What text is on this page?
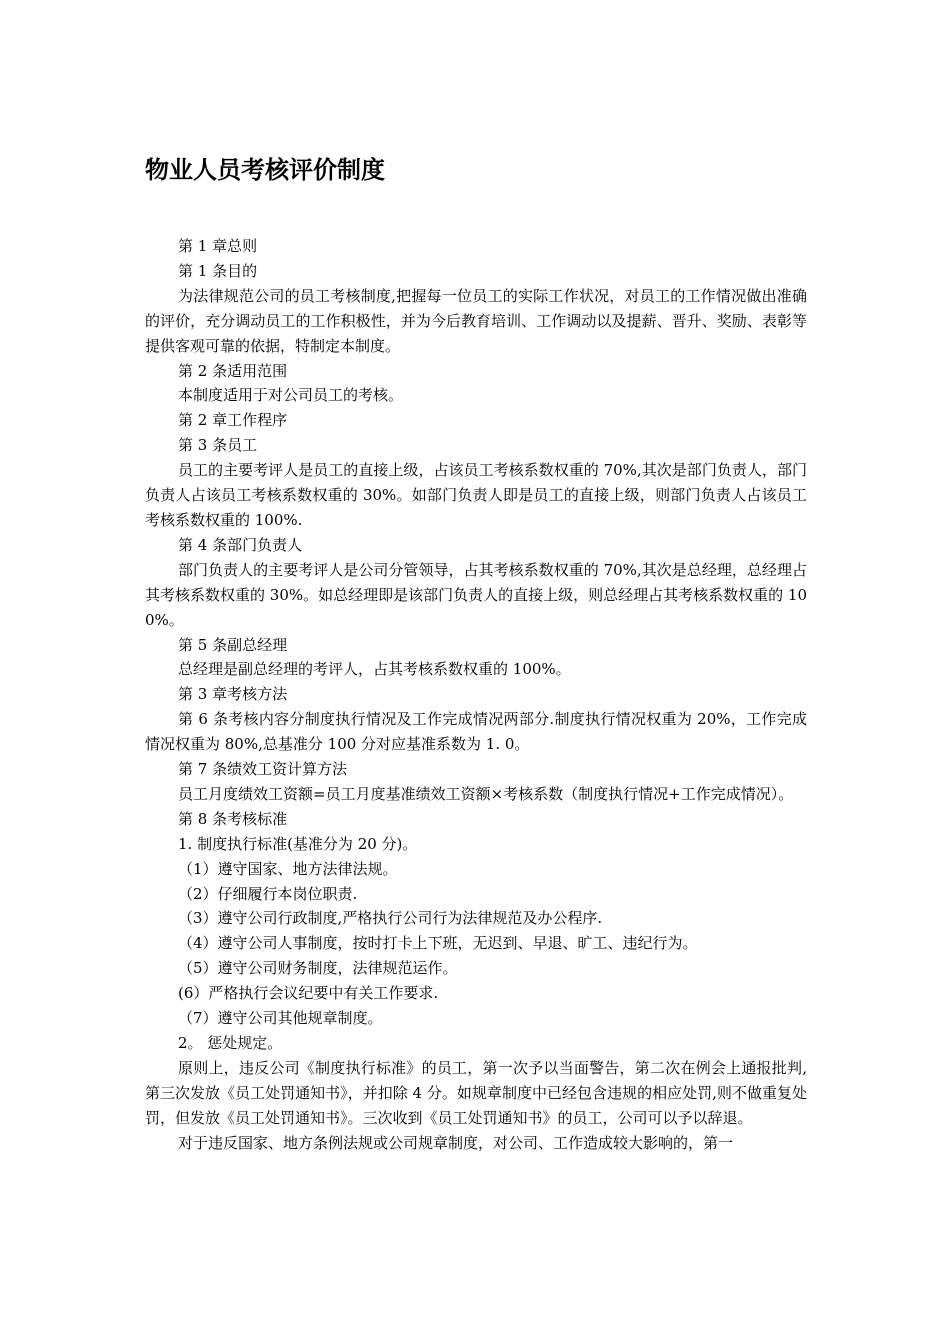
物业人员考核评价制度

第 1 章总则

第 1 条目的

为法律规范公司的员工考核制度,把握每一位员工的实际工作状况，对员工的工作情况做出准确的评价，充分调动员工的工作积极性，并为今后教育培训、工作调动以及提薪、晋升、奖励、表彰等提供客观可靠的依据，特制定本制度。

第 2 条适用范围

本制度适用于对公司员工的考核。

第 2 章工作程序

第 3 条员工

员工的主要考评人是员工的直接上级，占该员工考核系数权重的 70%,其次是部门负责人，部门负责人占该员工考核系数权重的 30%。如部门负责人即是员工的直接上级，则部门负责人占该员工考核系数权重的 100%.

第 4 条部门负责人

部门负责人的主要考评人是公司分管领导，占其考核系数权重的 70%,其次是总经理，总经理占其考核系数权重的 30%。如总经理即是该部门负责人的直接上级，则总经理占其考核系数权重的 100%。

第 5 条副总经理

总经理是副总经理的考评人，占其考核系数权重的 100%。

第 3 章考核方法

第 6 条考核内容分制度执行情况及工作完成情况两部分.制度执行情况权重为 20%，工作完成情况权重为 80%,总基准分 100 分对应基准系数为 1. 0。

第 7 条绩效工资计算方法

员工月度绩效工资额=员工月度基准绩效工资额×考核系数（制度执行情况+工作完成情况）。

第 8 条考核标准

1. 制度执行标准(基准分为 20 分)。

（1）遵守国家、地方法律法规。

（2）仔细履行本岗位职责.

（3）遵守公司行政制度,严格执行公司行为法律规范及办公程序.

（4）遵守公司人事制度，按时打卡上下班，无迟到、早退、旷工、违纪行为。

（5）遵守公司财务制度，法律规范运作。

(6）严格执行会议纪要中有关工作要求.

（7）遵守公司其他规章制度。

2。 惩处规定。

原则上，违反公司《制度执行标准》的员工，第一次予以当面警告，第二次在例会上通报批判,第三次发放《员工处罚通知书》，并扣除 4 分。如规章制度中已经包含违规的相应处罚,则不做重复处罚，但发放《员工处罚通知书》。三次收到《员工处罚通知书》的员工，公司可以予以辞退。

对于违反国家、地方条例法规或公司规章制度，对公司、工作造成较大影响的，第一
